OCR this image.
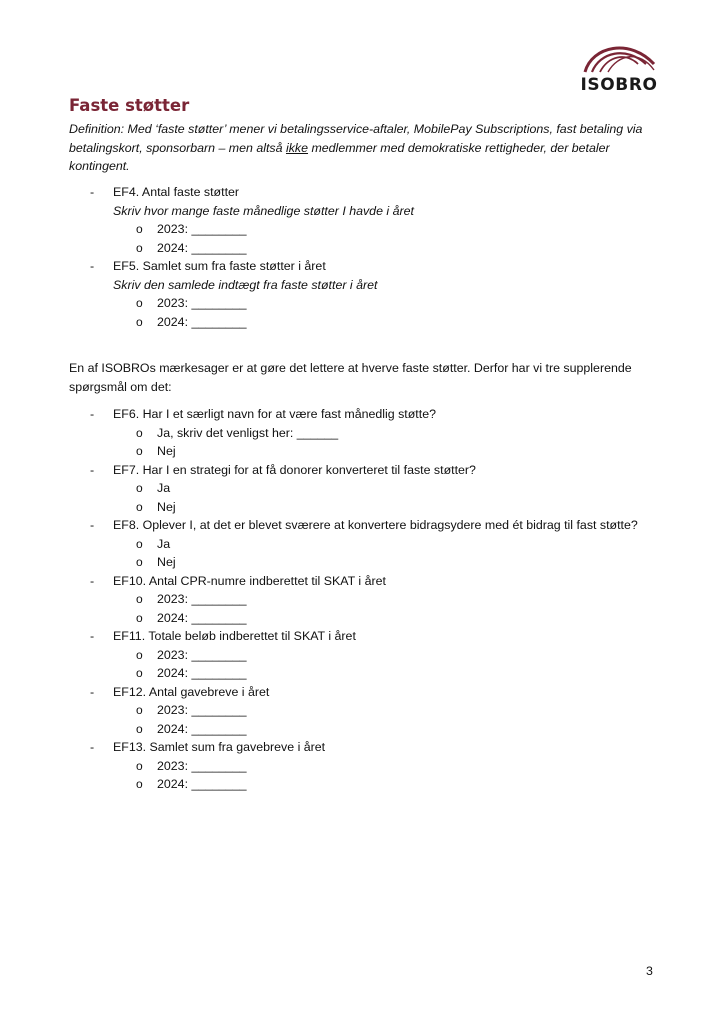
ISOBRO
Faste støtter

Definition: Med ‘faste støtter’ mener vi betalingsservice-aftaler, MobilePay Subscriptions, fast betaling via betalingskort, sponsorbarn – men altså ikke medlemmer med demokratiske rettigheder, der betaler kontingent.

- EF4. Antal faste støtter
Skriv hvor mange faste månedlige støtter I havde i året
o 2023: ________
o 2024: ________
- EF5. Samlet sum fra faste støtter i året
Skriv den samlede indtægt fra faste støtter i året
o 2023: ________
o 2024: ________

En af ISOBROs mærkesager er at gøre det lettere at hverve faste støtter. Derfor har vi tre supplerende spørgsmål om det:

- EF6. Har I et særligt navn for at være fast månedlig støtte?
o Ja, skriv det venligst her: ______
o Nej
- EF7. Har I en strategi for at få donorer konverteret til faste støtter?
o Ja
o Nej
- EF8. Oplever I, at det er blevet sværere at konvertere bidragsydere med ét bidrag til fast støtte?
o Ja
o Nej
- EF10. Antal CPR-numre indberettet til SKAT i året
o 2023: ________
o 2024: ________
- EF11. Totale beløb indberettet til SKAT i året
o 2023: ________
o 2024: ________
- EF12. Antal gavebreve i året
o 2023: ________
o 2024: ________
- EF13. Samlet sum fra gavebreve i året
o 2023: ________
o 2024: ________
3
